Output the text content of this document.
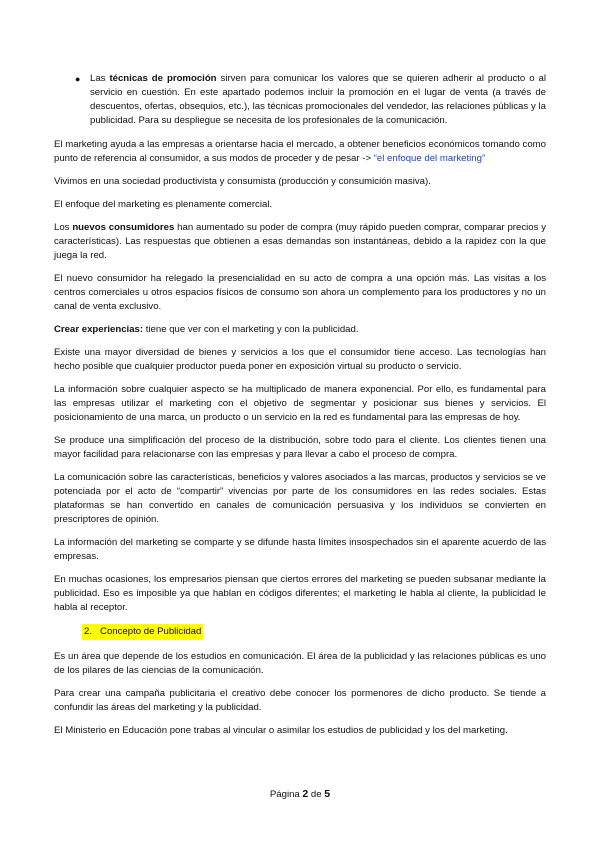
● Las técnicas de promoción sirven para comunicar los valores que se quieren adherir al producto o al servicio en cuestión. En este apartado podemos incluir la promoción en el lugar de venta (a través de descuentos, ofertas, obsequios, etc.), las técnicas promocionales del vendedor, las relaciones públicas y la publicidad. Para su despliegue se necesita de los profesionales de la comunicación.

El marketing ayuda a las empresas a orientarse hacia el mercado, a obtener beneficios económicos tomando como punto de referencia al consumidor, a sus modos de proceder y de pesar -> “el enfoque del marketing”

Vivimos en una sociedad productivista y consumista (producción y consumición masiva).

El enfoque del marketing es plenamente comercial.

Los nuevos consumidores han aumentado su poder de compra (muy rápido pueden comprar, comparar precios y características). Las respuestas que obtienen a esas demandas son instantáneas, debido a la rapidez con la que juega la red.

El nuevo consumidor ha relegado la presencialidad en su acto de compra a una opción más. Las visitas a los centros comerciales u otros espacios físicos de consumo son ahora un complemento para los productores y no un canal de venta exclusivo.

Crear experiencias: tiene que ver con el marketing y con la publicidad.

Existe una mayor diversidad de bienes y servicios a los que el consumidor tiene acceso. Las tecnologías han hecho posible que cualquier productor pueda poner en exposición virtual su producto o servicio.

La información sobre cualquier aspecto se ha multiplicado de manera exponencial. Por ello, es fundamental para las empresas utilizar el marketing con el objetivo de segmentar y posicionar sus bienes y servicios. El posicionamiento de una marca, un producto o un servicio en la red es fundamental para las empresas de hoy.

Se produce una simplificación del proceso de la distribución, sobre todo para el cliente. Los clientes tienen una mayor facilidad para relacionarse con las empresas y para llevar a cabo el proceso de compra.

La comunicación sobre las características, beneficios y valores asociados a las marcas, productos y servicios se ve potenciada por el acto de “compartir” vivencias por parte de los consumidores en las redes sociales. Estas plataformas se han convertido en canales de comunicación persuasiva y los individuos se convierten en prescriptores de opinión.

La información del marketing se comparte y se difunde hasta límites insospechados sin el aparente acuerdo de las empresas.

En muchas ocasiones, los empresarios piensan que ciertos errores del marketing se pueden subsanar mediante la publicidad. Eso es imposible ya que hablan en códigos diferentes; el marketing le habla al cliente, la publicidad le habla al receptor.

2. Concepto de Publicidad

Es un área que depende de los estudios en comunicación. El área de la publicidad y las relaciones públicas es uno de los pilares de las ciencias de la comunicación.

Para crear una campaña publicitaria el creativo debe conocer los pormenores de dicho producto. Se tiende a confundir las áreas del marketing y la publicidad.

El Ministerio en Educación pone trabas al vincular o asimilar los estudios de publicidad y los del marketing.

Página 2 de 5
